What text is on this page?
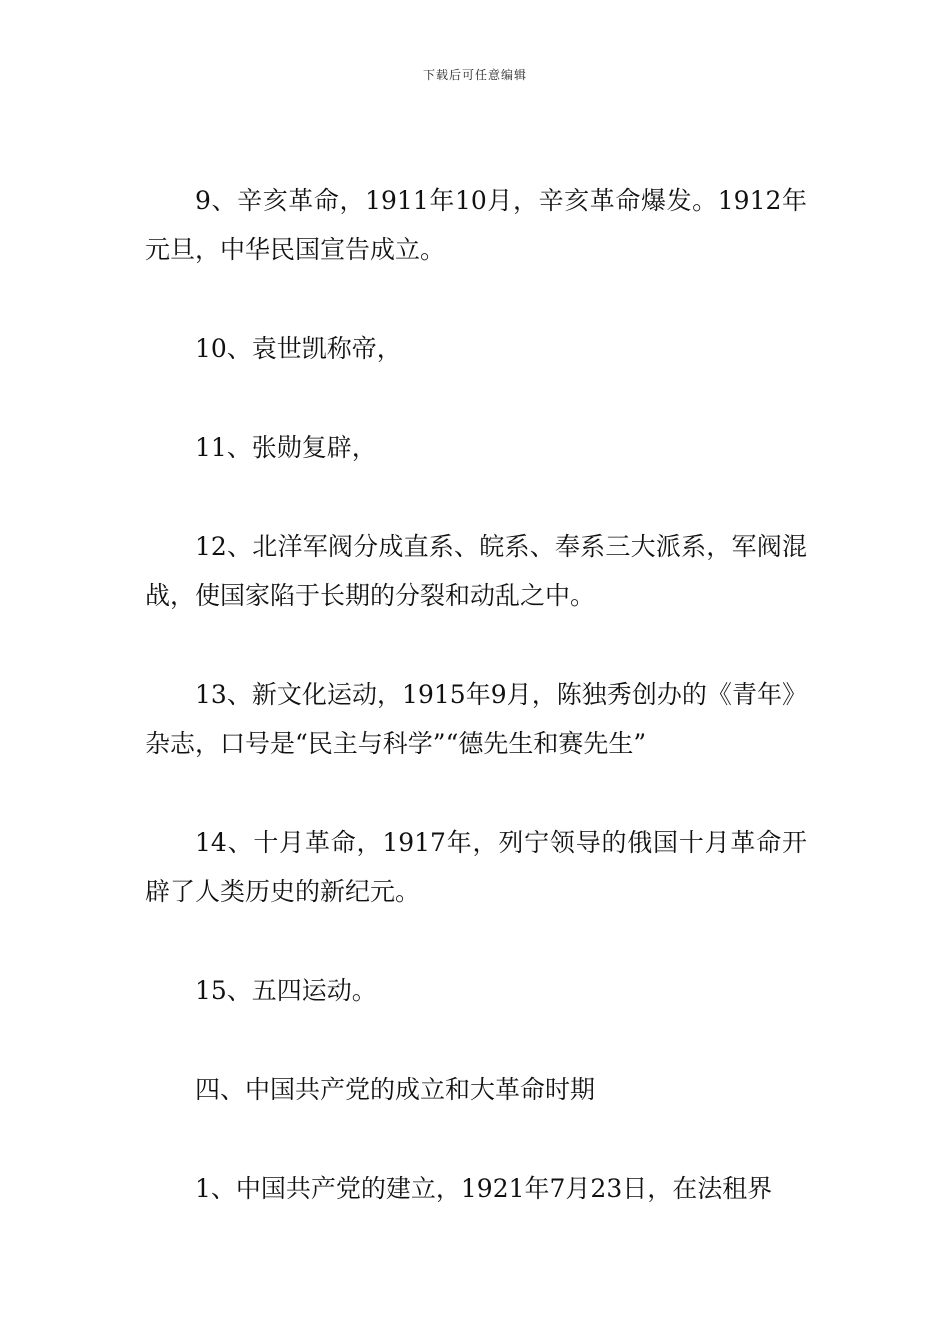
下载后可任意编辑

9、辛亥革命，1911年10月，辛亥革命爆发。1912年元旦，中华民国宣告成立。

10、袁世凯称帝，

11、张勋复辟，

12、北洋军阀分成直系、皖系、奉系三大派系，军阀混战，使国家陷于长期的分裂和动乱之中。

13、新文化运动，1915年9月，陈独秀创办的《青年》杂志，口号是“民主与科学”“德先生和赛先生”

14、十月革命，1917年，列宁领导的俄国十月革命开辟了人类历史的新纪元。

15、五四运动。

四、中国共产党的成立和大革命时期

1、中国共产党的建立，1921年7月23日，在法租界
